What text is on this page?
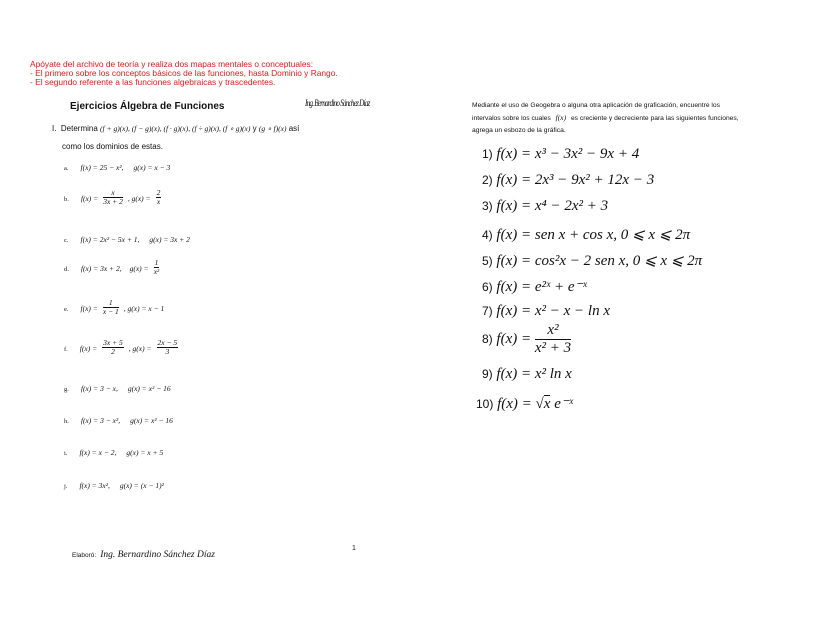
Apóyate del archivo de teoría y realiza dos mapas mentales o conceptuales:
- El primero sobre los conceptos básicos de las funciones, hasta Dominio y Rango.
- El segundo referente a las funciones algebraicas y trascedentes.
Ejercicios Álgebra de Funciones	Ing. Bernardino Sánchez Díaz
I. Determina (f + g)(x), (f − g)(x), (f · g)(x), (f ÷ g)(x), (f ∘ g)(x) y (g ∘ f)(x) así
como los dominios de estas.
a. f(x) = 25 − x², g(x) = x − 3
b. $f(x) = \frac{x}{3x + 2}$ , $g(x) = \frac{2}{x}$
c. f(x) = 2x² − 5x + 1, g(x) = 3x + 2
d. f(x) = 3x + 2, $g(x) = \frac{1}{\text{x²}}$
e. $f(x) = \frac{1}{x - 1}$ , g(x) = x − 1
f. $f(x) = \frac{3x + 5}{2}$ , $g(x) = \frac{2x - 5}{3}$
g. f(x) = 3 − x, g(x) = x² − 16
h. f(x) = 3 − x², g(x) = x² − 16
i. f(x) = x − 2, g(x) = x + 5
j. f(x) = 3x², g(x) = (x − 1)²
Elaboró: Ing. Bernardino Sánchez Díaz
1
Mediante el uso de Geogebra o alguna otra aplicación de graficación, encuentre los
intervalos sobre los cuales f(x) es creciente y decreciente para las siguientes funciones,
agrega un esbozo de la gráfica.
1) f(x) = x³ − 3x² − 9x + 4
2) f(x) = 2x³ − 9x² + 12x − 3
3) f(x) = x⁴ − 2x² + 3
4) f(x) = sen x + cos x, 0 ⩽ x ⩽ 2π
5) f(x) = cos²x − 2 sen x, 0 ⩽ x ⩽ 2π
6) f(x) = e²ˣ + e⁻ˣ
7) f(x) = x² − x − ln x
8) $f(x) = \frac{\text{x²}}{\text{x² + 3}}$
9) f(x) = x² ln x
10) f(x) = √x e⁻ˣ
